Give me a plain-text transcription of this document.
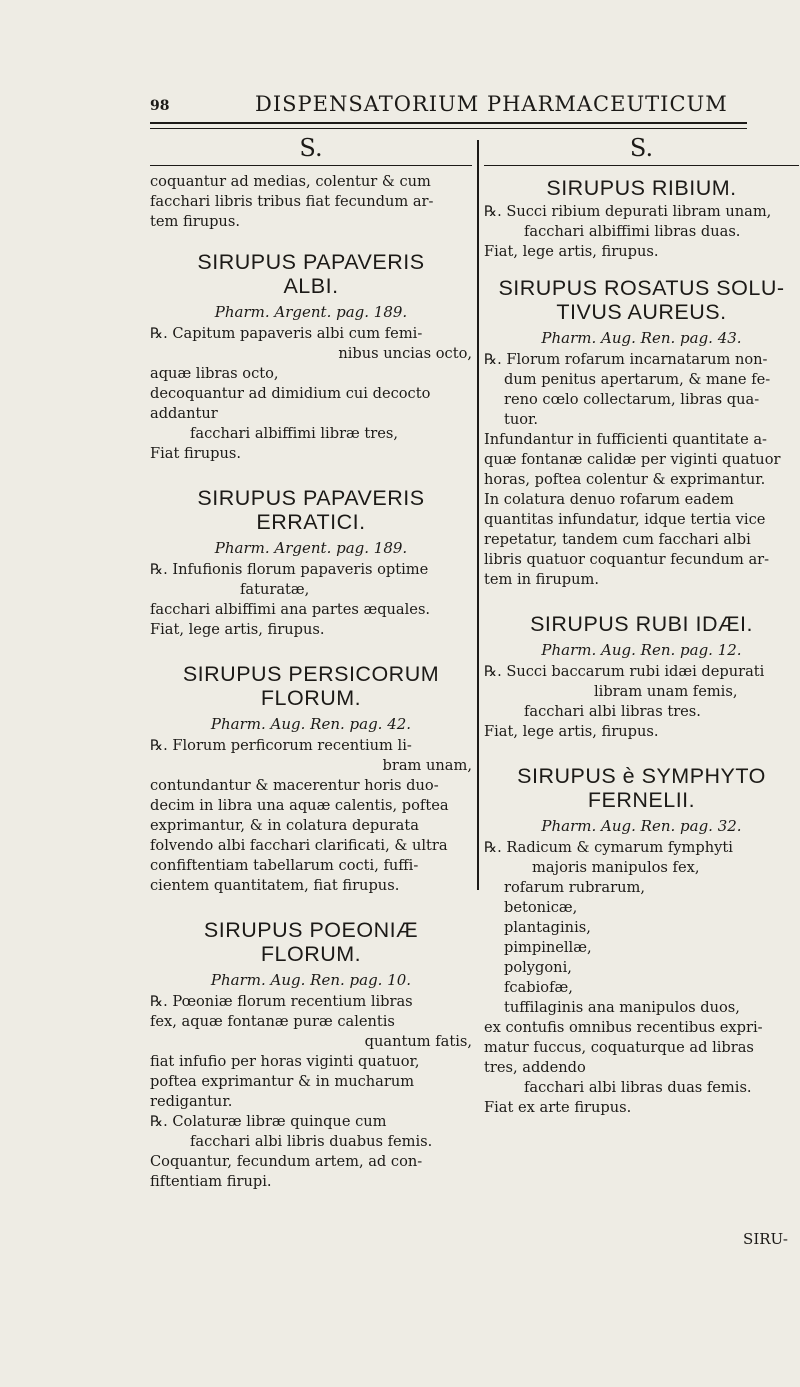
98	DISPENSATORIUM PHARMACEUTICUM
S.

coquantur ad medias, colentur & cum

facchari libris tribus fiat fecundum ar-

tem firupus.

SIRUPUS PAPAVERIS
ALBI.
Pharm. Argent. pag. 189.

℞. Capitum papaveris albi cum femi-

nibus uncias octo,

aquæ libras octo,

decoquantur ad dimidium cui decocto

addantur

facchari albiffimi libræ tres,

Fiat firupus.

SIRUPUS PAPAVERIS
ERRATICI.
Pharm. Argent. pag. 189.

℞. Infufionis florum papaveris optime

faturatæ,

facchari albiffimi ana partes æquales.

Fiat, lege artis, firupus.

SIRUPUS PERSICORUM
FLORUM.
Pharm. Aug. Ren. pag. 42.

℞. Florum perficorum recentium li-

bram unam,

contundantur & macerentur horis duo-

decim in libra una aquæ calentis, poftea

exprimantur, & in colatura depurata

folvendo albi facchari clarificati, & ultra

confiftentiam tabellarum cocti, fuffi-

cientem quantitatem, fiat firupus.

SIRUPUS POEONIÆ
FLORUM.
Pharm. Aug. Ren. pag. 10.

℞. Pœoniæ florum recentium libras

fex, aquæ fontanæ puræ calentis

quantum fatis,

fiat infufio per horas viginti quatuor,

poftea exprimantur & in mucharum

redigantur.

℞. Colaturæ libræ quinque cum

facchari albi libris duabus femis.

Coquantur, fecundum artem, ad con-

fiftentiam firupi.

S.
SIRUPUS RIBIUM.

℞. Succi ribium depurati libram unam,

facchari albiffimi libras duas.

Fiat, lege artis, firupus.

SIRUPUS ROSATUS SOLU-
TIVUS AUREUS.
Pharm. Aug. Ren. pag. 43.

℞. Florum rofarum incarnatarum non-

dum penitus apertarum, & mane fe-

reno cœlo collectarum, libras qua-

tuor.

Infundantur in fufficienti quantitate a-

quæ fontanæ calidæ per viginti quatuor

horas, poftea colentur & exprimantur.

In colatura denuo rofarum eadem

quantitas infundatur, idque tertia vice

repetatur, tandem cum facchari albi

libris quatuor coquantur fecundum ar-

tem in firupum.

SIRUPUS RUBI IDÆI.
Pharm. Aug. Ren. pag. 12.

℞. Succi baccarum rubi idæi depurati

libram unam femis,

facchari albi libras tres.

Fiat, lege artis, firupus.

SIRUPUS è SYMPHYTO
FERNELII.
Pharm. Aug. Ren. pag. 32.

℞. Radicum & cymarum fymphyti

majoris manipulos fex,

rofarum rubrarum,

betonicæ,

plantaginis,

pimpinellæ,

polygoni,

fcabiofæ,

tuffilaginis ana manipulos duos,

ex contufis omnibus recentibus expri-

matur fuccus, coquaturque ad libras

tres, addendo

facchari albi libras duas femis.

Fiat ex arte firupus.

SIRU-
